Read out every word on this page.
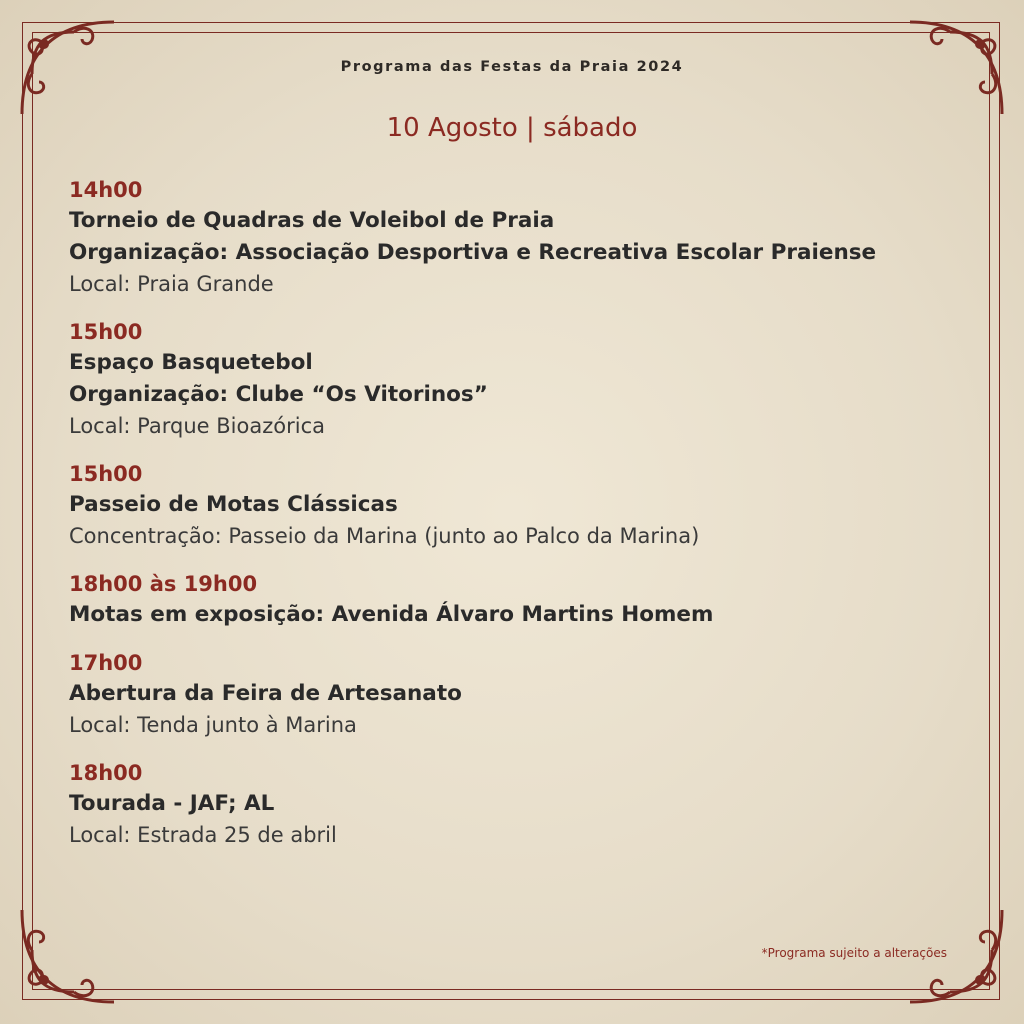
Programa das Festas da Praia 2024
10 Agosto | sábado
14h00
Torneio de Quadras de Voleibol de Praia
Organização: Associação Desportiva e Recreativa Escolar Praiense
Local: Praia Grande
15h00
Espaço Basquetebol
Organização: Clube “Os Vitorinos”
Local: Parque Bioazórica
15h00
Passeio de Motas Clássicas
Concentração: Passeio da Marina (junto ao Palco da Marina)
18h00 às 19h00
Motas em exposição: Avenida Álvaro Martins Homem
17h00
Abertura da Feira de Artesanato
Local: Tenda junto à Marina
18h00
Tourada - JAF; AL
Local: Estrada 25 de abril
*Programa sujeito a alterações
